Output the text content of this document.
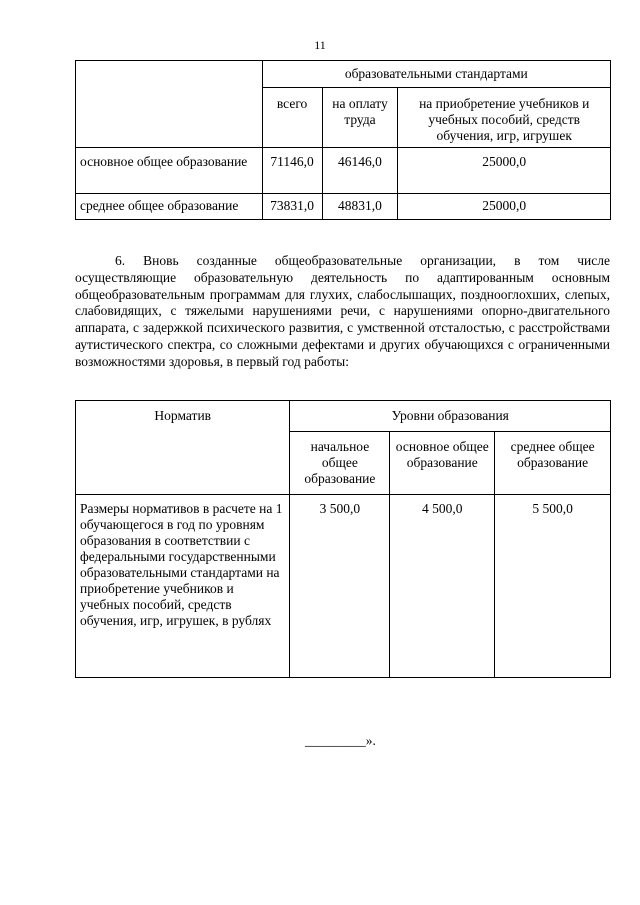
11
	образовательными стандартами		
	всего	на оплату труда	на приобретение учебников и учебных пособий, средств обучения, игр, игрушек
основное общее образование	71146,0	46146,0	25000,0
среднее общее образование	73831,0	48831,0	25000,0

6. Вновь созданные общеобразовательные организации, в том числе осуществляющие образовательную деятельность по адаптированным основным общеобразовательным программам для глухих, слабослышащих, позднооглохших, слепых, слабовидящих, с тяжелыми нарушениями речи, с нарушениями опорно-двигательного аппарата, с задержкой психического развития, с умственной отсталостью, с расстройствами аутистического спектра, со сложными дефектами и других обучающихся с ограниченными возможностями здоровья, в первый год работы:

Норматив	Уровни образования		
	начальное общее образование	основное общее образование	среднее общее образование
Размеры нормативов в расчете на 1 обучающегося в год по уровням образования в соответствии с федеральными государственными образовательными стандартами на приобретение учебников и учебных пособий, средств обучения, игр, игрушек, в рублях	3 500,0	4 500,0	5 500,0
_________».
